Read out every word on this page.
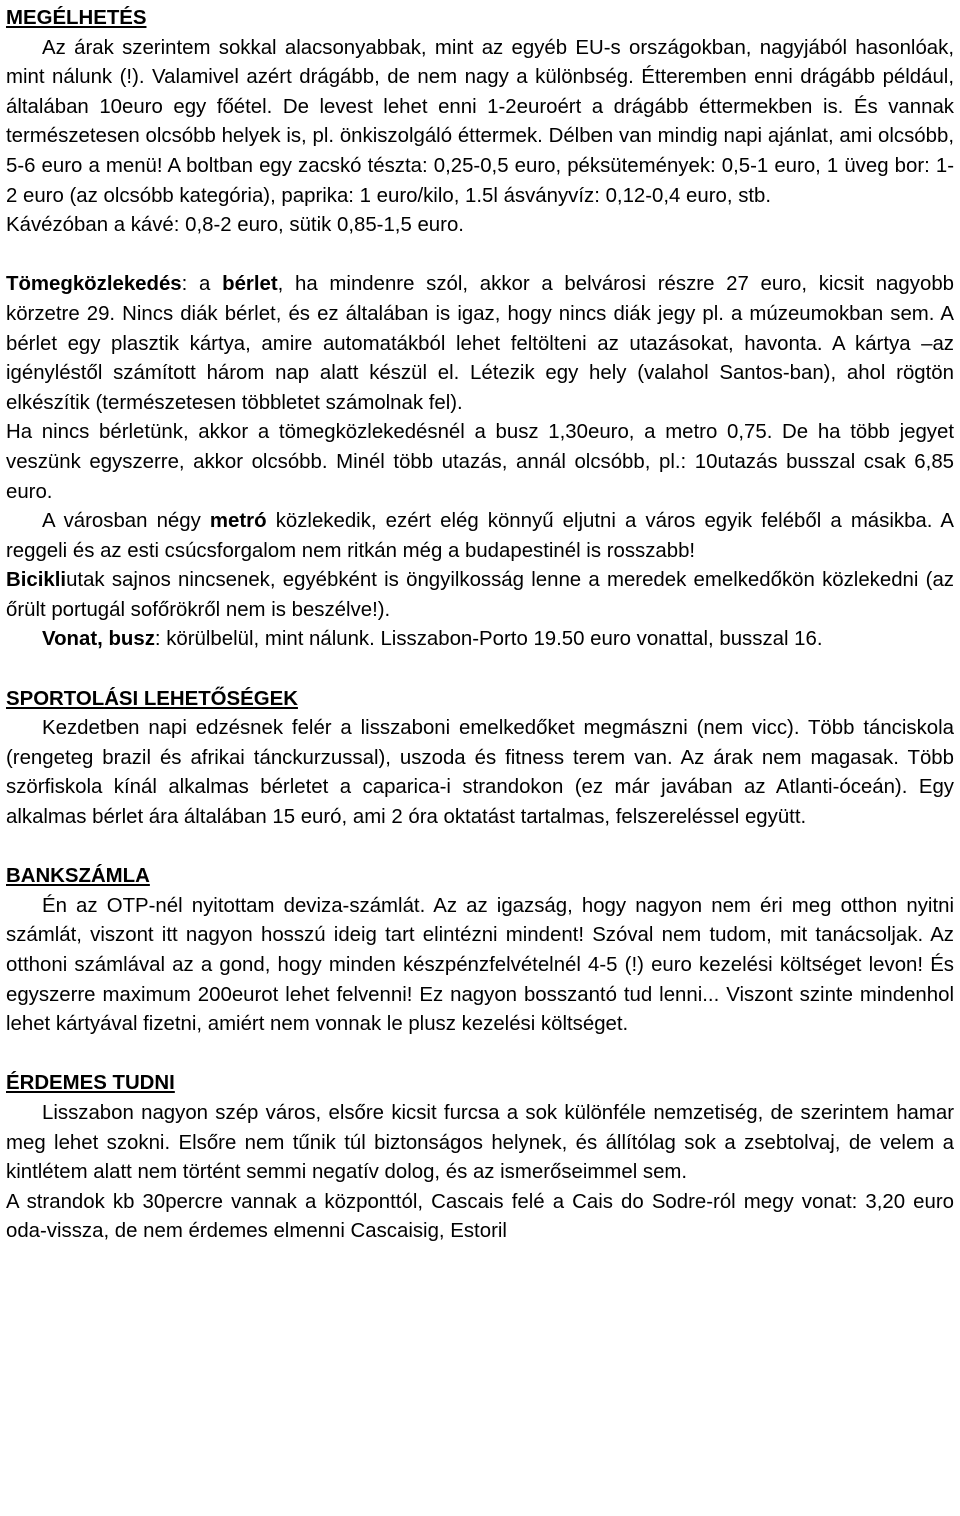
MEGÉLHETÉS

Az árak szerintem sokkal alacsonyabbak, mint az egyéb EU-s országokban, nagyjából hasonlóak, mint nálunk (!). Valamivel azért drágább, de nem nagy a különbség. Étteremben enni drágább például, általában 10euro egy főétel. De levest lehet enni 1-2euroért a drágább éttermekben is. És vannak természetesen olcsóbb helyek is, pl. önkiszolgáló éttermek. Délben van mindig napi ajánlat, ami olcsóbb, 5-6 euro a menü! A boltban egy zacskó tészta: 0,25-0,5 euro, péksütemények: 0,5-1 euro, 1 üveg bor: 1-2 euro (az olcsóbb kategória), paprika: 1 euro/kilo, 1.5l ásványvíz: 0,12-0,4 euro, stb.

Kávézóban a kávé: 0,8-2 euro, sütik 0,85-1,5 euro.

Tömegközlekedés: a bérlet, ha mindenre szól, akkor a belvárosi részre 27 euro, kicsit nagyobb körzetre 29. Nincs diák bérlet, és ez általában is igaz, hogy nincs diák jegy pl. a múzeumokban sem. A bérlet egy plasztik kártya, amire automatákból lehet feltölteni az utazásokat, havonta. A kártya –az igényléstől számított három nap alatt készül el. Létezik egy hely (valahol Santos-ban), ahol rögtön elkészítik (természetesen többletet számolnak fel).

Ha nincs bérletünk, akkor a tömegközlekedésnél a busz 1,30euro, a metro 0,75. De ha több jegyet veszünk egyszerre, akkor olcsóbb. Minél több utazás, annál olcsóbb, pl.: 10utazás busszal csak 6,85 euro.

A városban négy metró közlekedik, ezért elég könnyű eljutni a város egyik feléből a másikba. A reggeli és az esti csúcsforgalom nem ritkán még a budapestinél is rosszabb!

Bicikliutak sajnos nincsenek, egyébként is öngyilkosság lenne a meredek emelkedőkön közlekedni (az őrült portugál sofőrökről nem is beszélve!).

Vonat, busz: körülbelül, mint nálunk. Lisszabon-Porto 19.50 euro vonattal, busszal 16.

SPORTOLÁSI LEHETŐSÉGEK

Kezdetben napi edzésnek felér a lisszaboni emelkedőket megmászni (nem vicc). Több tánciskola (rengeteg brazil és afrikai tánckurzussal), uszoda és fitness terem van. Az árak nem magasak. Több szörfiskola kínál alkalmas bérletet a caparica-i strandokon (ez már javában az Atlanti-óceán). Egy alkalmas bérlet ára általában 15 euró, ami 2 óra oktatást tartalmas, felszereléssel együtt.

BANKSZÁMLA

Én az OTP-nél nyitottam deviza-számlát. Az az igazság, hogy nagyon nem éri meg otthon nyitni számlát, viszont itt nagyon hosszú ideig tart elintézni mindent! Szóval nem tudom, mit tanácsoljak. Az otthoni számlával az a gond, hogy minden készpénzfelvételnél 4-5 (!) euro kezelési költséget levon! És egyszerre maximum 200eurot lehet felvenni! Ez nagyon bosszantó tud lenni... Viszont szinte mindenhol lehet kártyával fizetni, amiért nem vonnak le plusz kezelési költséget.

ÉRDEMES TUDNI

Lisszabon nagyon szép város, elsőre kicsit furcsa a sok különféle nemzetiség, de szerintem hamar meg lehet szokni. Elsőre nem tűnik túl biztonságos helynek, és állítólag sok a zsebtolvaj, de velem a kintlétem alatt nem történt semmi negatív dolog, és az ismerőseimmel sem.

A strandok kb 30percre vannak a központtól, Cascais felé a Cais do Sodre-ról megy vonat: 3,20 euro oda-vissza, de nem érdemes elmenni Cascaisig, Estoril
